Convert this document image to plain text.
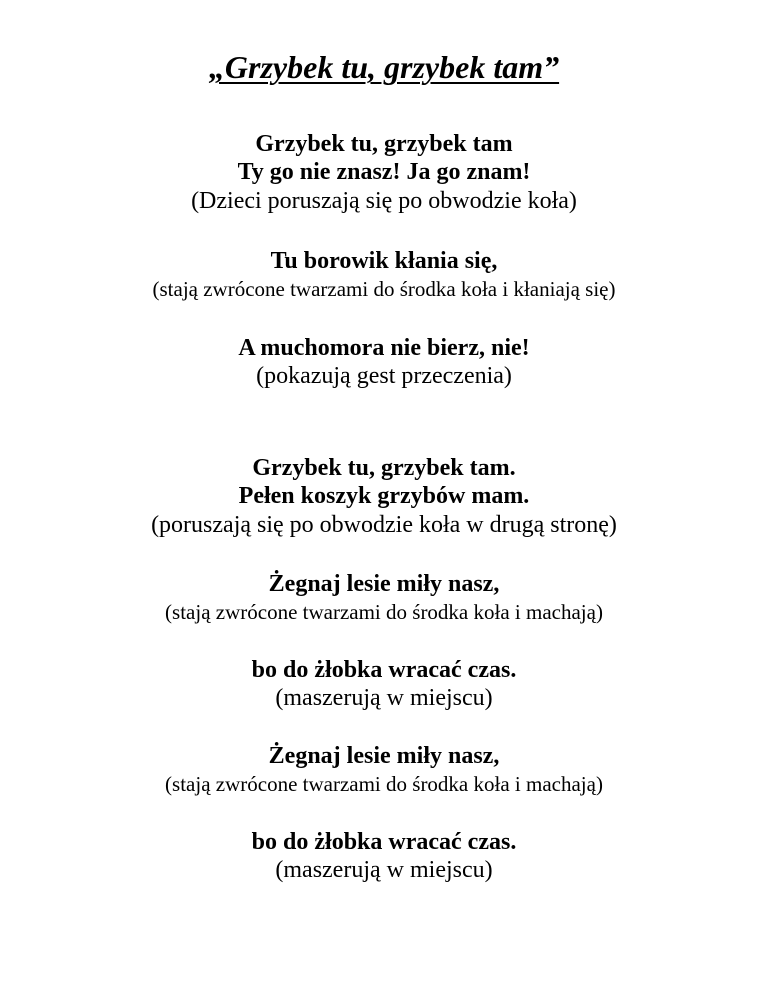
„Grzybek tu, grzybek tam”
Grzybek tu, grzybek tam
Ty go nie znasz! Ja go znam!
(Dzieci poruszają się po obwodzie koła)
Tu borowik kłania się,
(stają zwrócone twarzami do środka koła i kłaniają się)
A muchomora nie bierz, nie!
(pokazują gest przeczenia)
Grzybek tu, grzybek tam.
Pełen koszyk grzybów mam.
(poruszają się po obwodzie koła w drugą stronę)
Żegnaj lesie miły nasz,
(stają zwrócone twarzami do środka koła i machają)
bo do żłobka wracać czas.
(maszerują w miejscu)
Żegnaj lesie miły nasz,
(stają zwrócone twarzami do środka koła i machają)
bo do żłobka wracać czas.
(maszerują w miejscu)
